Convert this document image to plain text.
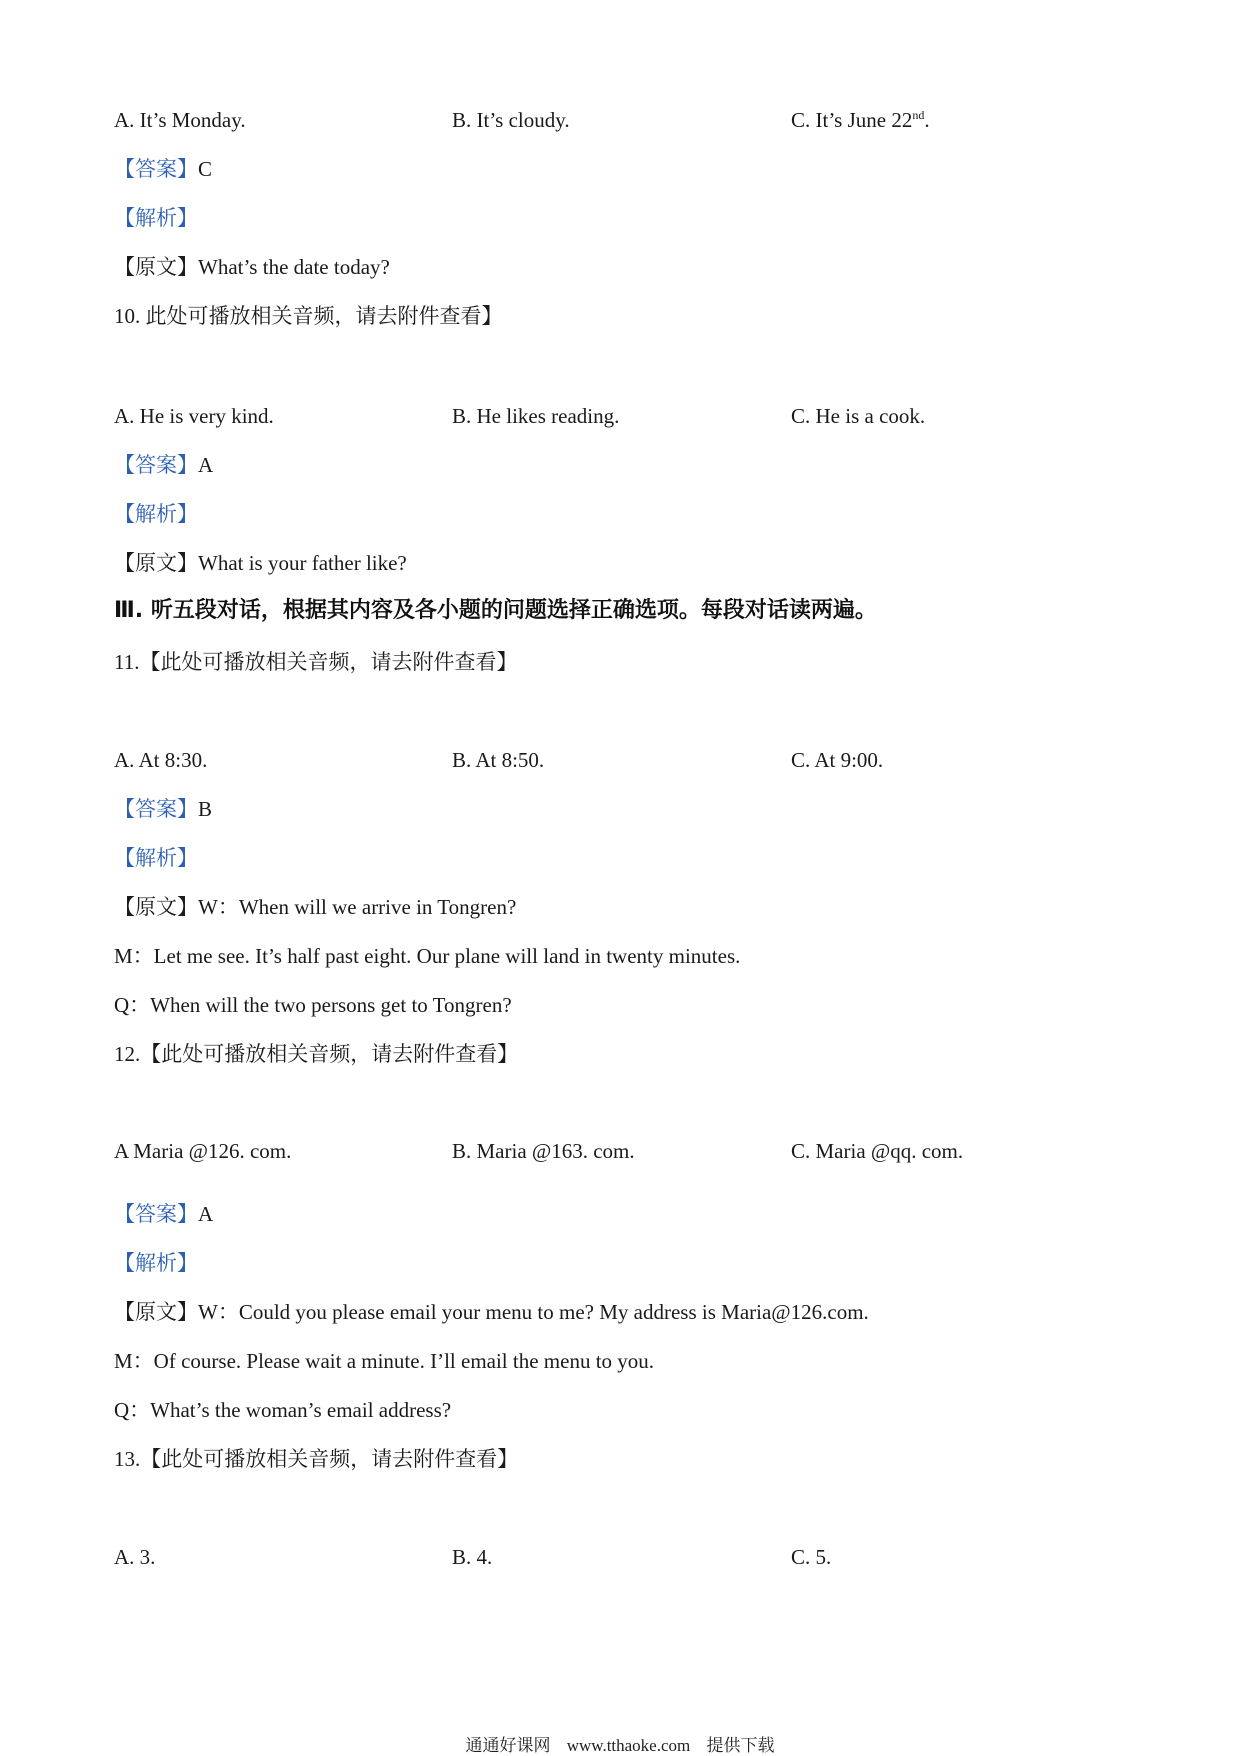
A. It’s Monday.	B. It’s cloudy.	C. It’s June 22nd.
【答案】C
【解析】
【原文】What’s the date today?
10. 此处可播放相关音频，请去附件查看】
A. He is very kind.	B. He likes reading.	C. He is a cook.
【答案】A
【解析】
【原文】What is your father like?
Ⅲ. 听五段对话，根据其内容及各小题的问题选择正确选项。每段对话读两遍。
11.【此处可播放相关音频，请去附件查看】
A. At 8:30.	B. At 8:50.	C. At 9:00.
【答案】B
【解析】
【原文】W：When will we arrive in Tongren?
M：Let me see. It’s half past eight. Our plane will land in twenty minutes.
Q：When will the two persons get to Tongren?
12.【此处可播放相关音频，请去附件查看】
A Maria @126. com.	B. Maria @163. com.	C. Maria @qq. com.
【答案】A
【解析】
【原文】W：Could you please email your menu to me? My address is Maria@126.com.
M：Of course. Please wait a minute. I’ll email the menu to you.
Q：What’s the woman’s email address?
13.【此处可播放相关音频，请去附件查看】
A. 3.	B. 4.	C. 5.
通通好课网 www.tthaoke.com 提供下载
